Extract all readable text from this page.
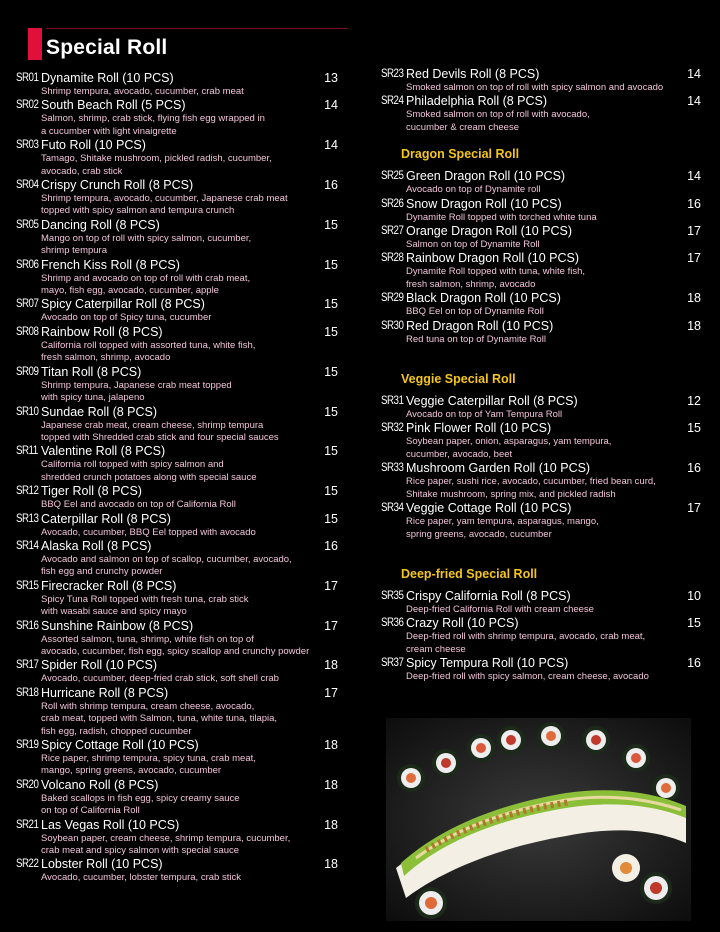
Special Roll
SR01 Dynamite Roll (10 PCS)	13
Shrimp tempura, avocado, cucumber, crab meat
SR02 South Beach Roll (5 PCS)	14
Salmon, shrimp, crab stick, flying fish egg wrapped in
a cucumber with light vinaigrette
SR03 Futo Roll (10 PCS)	14
Tamago, Shitake mushroom, pickled radish, cucumber,
avocado, crab stick
SR04 Crispy Crunch Roll (8 PCS)	16
Shrimp tempura, avocado, cucumber, Japanese crab meat
topped with spicy salmon and tempura crunch
SR05 Dancing Roll (8 PCS)	15
Mango on top of roll with spicy salmon, cucumber,
shrimp tempura
SR06 French Kiss Roll (8 PCS)	15
Shrimp and avocado on top of roll with crab meat,
mayo, fish egg, avocado, cucumber, apple
SR07 Spicy Caterpillar Roll (8 PCS)	15
Avocado on top of Spicy tuna, cucumber
SR08 Rainbow Roll (8 PCS)	15
California roll topped with assorted tuna, white fish,
fresh salmon, shrimp, avocado
SR09 Titan Roll (8 PCS)	15
Shrimp tempura, Japanese crab meat topped
with spicy tuna, jalapeno
SR10 Sundae Roll (8 PCS)	15
Japanese crab meat, cream cheese, shrimp tempura
topped with Shredded crab stick and four special sauces
SR11 Valentine Roll (8 PCS)	15
California roll topped with spicy salmon and
shredded crunch potatoes along with special sauce
SR12 Tiger Roll (8 PCS)	15
BBQ Eel and avocado on top of California Roll
SR13 Caterpillar Roll (8 PCS)	15
Avocado, cucumber, BBQ Eel topped with avocado
SR14 Alaska Roll (8 PCS)	16
Avocado and salmon on top of scallop, cucumber, avocado,
fish egg and crunchy powder
SR15 Firecracker Roll (8 PCS)	17
Spicy Tuna Roll topped with fresh tuna, crab stick
with wasabi sauce and spicy mayo
SR16 Sunshine Rainbow (8 PCS)	17
Assorted salmon, tuna, shrimp, white fish on top of
avocado, cucumber, fish egg, spicy scallop and crunchy powder
SR17 Spider Roll (10 PCS)	18
Avocado, cucumber, deep-fried crab stick, soft shell crab
SR18 Hurricane Roll (8 PCS)	17
Roll with shrimp tempura, cream cheese, avocado,
crab meat, topped with Salmon, tuna, white tuna, tilapia,
fish egg, radish, chopped cucumber
SR19 Spicy Cottage Roll (10 PCS)	18
Rice paper, shrimp tempura, spicy tuna, crab meat,
mango, spring greens, avocado, cucumber
SR20 Volcano Roll (8 PCS)	18
Baked scallops in fish egg, spicy creamy sauce
on top of California Roll
SR21 Las Vegas Roll (10 PCS)	18
Soybean paper, cream cheese, shrimp tempura, cucumber,
crab meat and spicy salmon with special sauce
SR22 Lobster Roll (10 PCS)	18
Avocado, cucumber, lobster tempura, crab stick
SR23 Red Devils Roll (8 PCS)	14
Smoked salmon on top of roll with spicy salmon and avocado
SR24 Philadelphia Roll (8 PCS)	14
Smoked salmon on top of roll with avocado,
cucumber & cream cheese
Dragon Special Roll
SR25 Green Dragon Roll (10 PCS)	14
Avocado on top of Dynamite roll
SR26 Snow Dragon Roll (10 PCS)	16
Dynamite Roll topped with torched white tuna
SR27 Orange Dragon Roll (10 PCS)	17
Salmon on top of Dynamite Roll
SR28 Rainbow Dragon Roll (10 PCS)	17
Dynamite Roll topped with tuna, white fish,
fresh salmon, shrimp, avocado
SR29 Black Dragon Roll (10 PCS)	18
BBQ Eel on top of Dynamite Roll
SR30 Red Dragon Roll (10 PCS)	18
Red tuna on top of Dynamite Roll
Veggie Special Roll
SR31 Veggie Caterpillar Roll (8 PCS)	12
Avocado on top of Yam Tempura Roll
SR32 Pink Flower Roll (10 PCS)	15
Soybean paper, onion, asparagus, yam tempura,
cucumber, avocado, beet
SR33 Mushroom Garden Roll (10 PCS)	16
Rice paper, sushi rice, avocado, cucumber, fried bean curd,
Shitake mushroom, spring mix, and pickled radish
SR34 Veggie Cottage Roll (10 PCS)	17
Rice paper, yam tempura, asparagus, mango,
spring greens, avocado, cucumber
Deep-fried Special Roll
SR35 Crispy California Roll (8 PCS)	10
Deep-fried California Roll with cream cheese
SR36 Crazy Roll (10 PCS)	15
Deep-fried roll with shrimp tempura, avocado, crab meat,
cream cheese
SR37 Spicy Tempura Roll (10 PCS)	16
Deep-fried roll with spicy salmon, cream cheese, avocado
